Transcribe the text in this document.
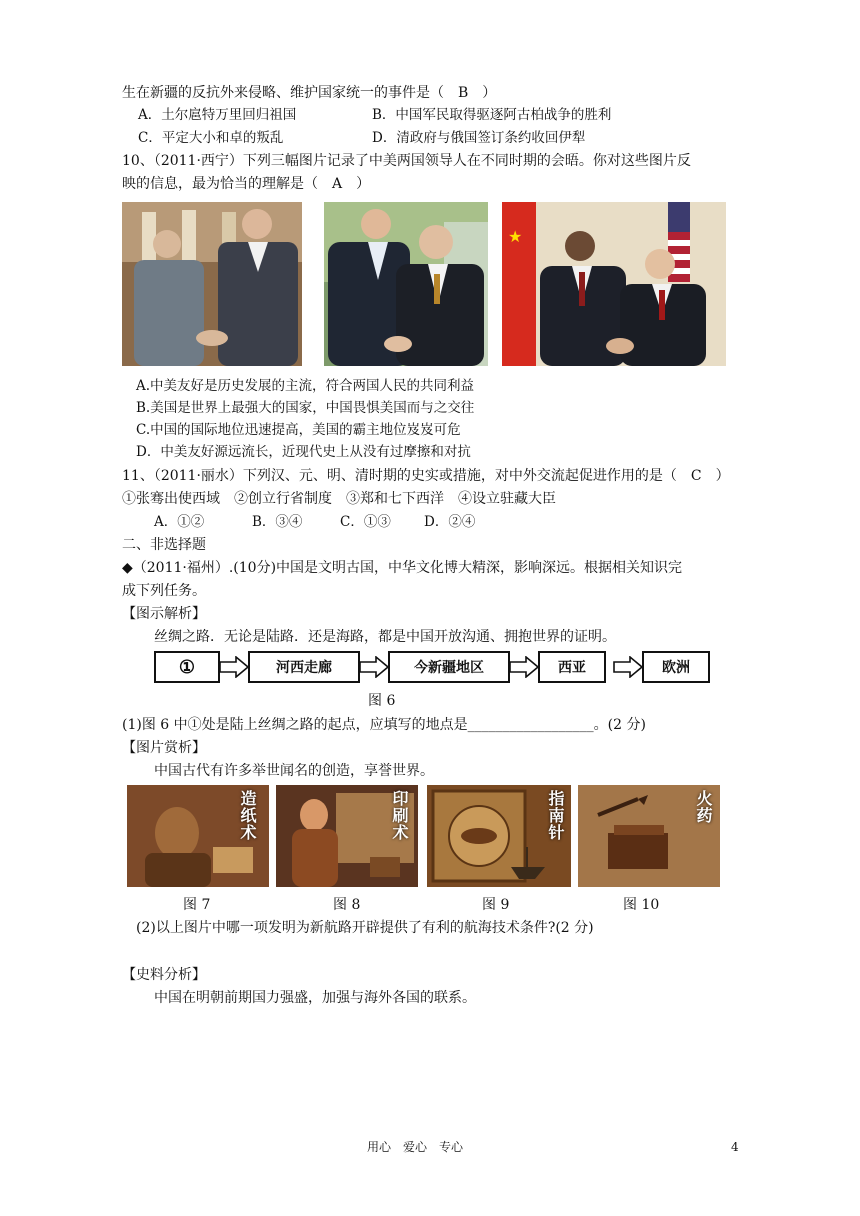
生在新疆的反抗外来侵略、维护国家统一的事件是（　B　）
A．土尔扈特万里回归祖国	B．中国军民取得驱逐阿古柏战争的胜利
C．平定大小和卓的叛乱	D．清政府与俄国签订条约收回伊犁
10、（2011·西宁）下列三幅图片记录了中美两国领导人在不同时期的会晤。你对这些图片反
映的信息，最为恰当的理解是（　A　）
★
A.中美友好是历史发展的主流，符合两国人民的共同利益
B.美国是世界上最强大的国家，中国畏惧美国而与之交往
C.中国的国际地位迅速提高，美国的霸主地位岌岌可危
D．中美友好源远流长，近现代史上从没有过摩擦和对抗
11、（2011·丽水）下列汉、元、明、清时期的史实或措施，对中外交流起促进作用的是（　C　）
①张骞出使西域　②创立行省制度　③郑和七下西洋　④设立驻藏大臣
A．①②	B．③④	C．①③ D．②④
二、非选择题
◆（2011·福州）.(10分)中国是文明古国，中华文化博大精深，影响深远。根据相关知识完
成下列任务。
【图示解析】
丝绸之路．无论是陆路．还是海路，都是中国开放沟通、拥抱世界的证明。
①	河西走廊	今新疆地区	西亚	欧洲
图 6
(1)图 6 中①处是陆上丝绸之路的起点，应填写的地点是__________________。(2 分)
【图片赏析】
中国古代有许多举世闻名的创造，享誉世界。
造纸术	印刷术	指南针	火药
图 7	图 8	图 9	图 10
(2)以上图片中哪一项发明为新航路开辟提供了有利的航海技术条件?(2 分)
【史料分析】
中国在明朝前期国力强盛，加强与海外各国的联系。
用心　爱心　专心	4
